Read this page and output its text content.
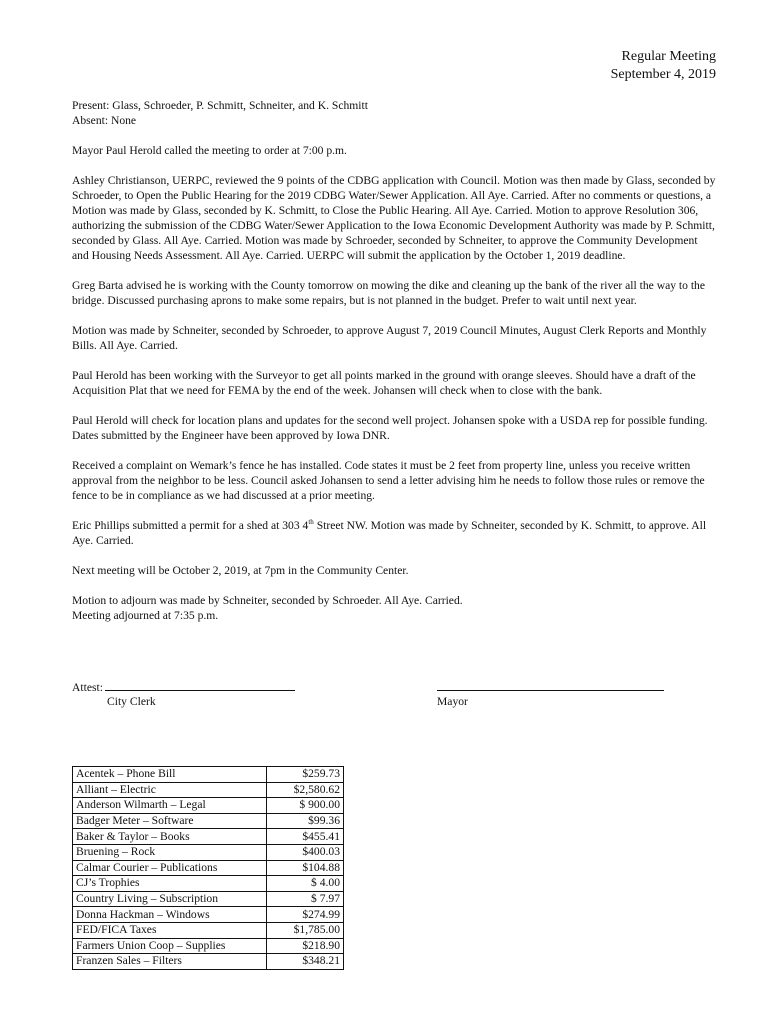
Regular Meeting
September 4, 2019

Present: Glass, Schroeder, P. Schmitt, Schneiter, and K. Schmitt

Absent: None

Mayor Paul Herold called the meeting to order at 7:00 p.m.

Ashley Christianson, UERPC, reviewed the 9 points of the CDBG application with Council. Motion was then made by Glass, seconded by Schroeder, to Open the Public Hearing for the 2019 CDBG Water/Sewer Application. All Aye. Carried. After no comments or questions, a Motion was made by Glass, seconded by K. Schmitt, to Close the Public Hearing. All Aye. Carried. Motion to approve Resolution 306, authorizing the submission of the CDBG Water/Sewer Application to the Iowa Economic Development Authority was made by P. Schmitt, seconded by Glass. All Aye. Carried. Motion was made by Schroeder, seconded by Schneiter, to approve the Community Development and Housing Needs Assessment. All Aye. Carried. UERPC will submit the application by the October 1, 2019 deadline.

Greg Barta advised he is working with the County tomorrow on mowing the dike and cleaning up the bank of the river all the way to the bridge. Discussed purchasing aprons to make some repairs, but is not planned in the budget. Prefer to wait until next year.

Motion was made by Schneiter, seconded by Schroeder, to approve August 7, 2019 Council Minutes, August Clerk Reports and Monthly Bills. All Aye. Carried.

Paul Herold has been working with the Surveyor to get all points marked in the ground with orange sleeves. Should have a draft of the Acquisition Plat that we need for FEMA by the end of the week. Johansen will check when to close with the bank.

Paul Herold will check for location plans and updates for the second well project. Johansen spoke with a USDA rep for possible funding. Dates submitted by the Engineer have been approved by Iowa DNR.

Received a complaint on Wemark’s fence he has installed. Code states it must be 2 feet from property line, unless you receive written approval from the neighbor to be less. Council asked Johansen to send a letter advising him he needs to follow those rules or remove the fence to be in compliance as we had discussed at a prior meeting.

Eric Phillips submitted a permit for a shed at 303 4th Street NW. Motion was made by Schneiter, seconded by K. Schmitt, to approve. All Aye. Carried.

Next meeting will be October 2, 2019, at 7pm in the Community Center.

Motion to adjourn was made by Schneiter, seconded by Schroeder. All Aye. Carried.

Meeting adjourned at 7:35 p.m.

Attest:
City Clerk	Mayor
Acentek – Phone Bill	$259.73
Alliant – Electric	$2,580.62
Anderson Wilmarth – Legal	$ 900.00
Badger Meter – Software	$99.36
Baker & Taylor – Books	$455.41
Bruening – Rock	$400.03
Calmar Courier – Publications	$104.88
CJ’s Trophies	$ 4.00
Country Living – Subscription	$ 7.97
Donna Hackman – Windows	$274.99
FED/FICA Taxes	$1,785.00
Farmers Union Coop – Supplies	$218.90
Franzen Sales – Filters	$348.21
